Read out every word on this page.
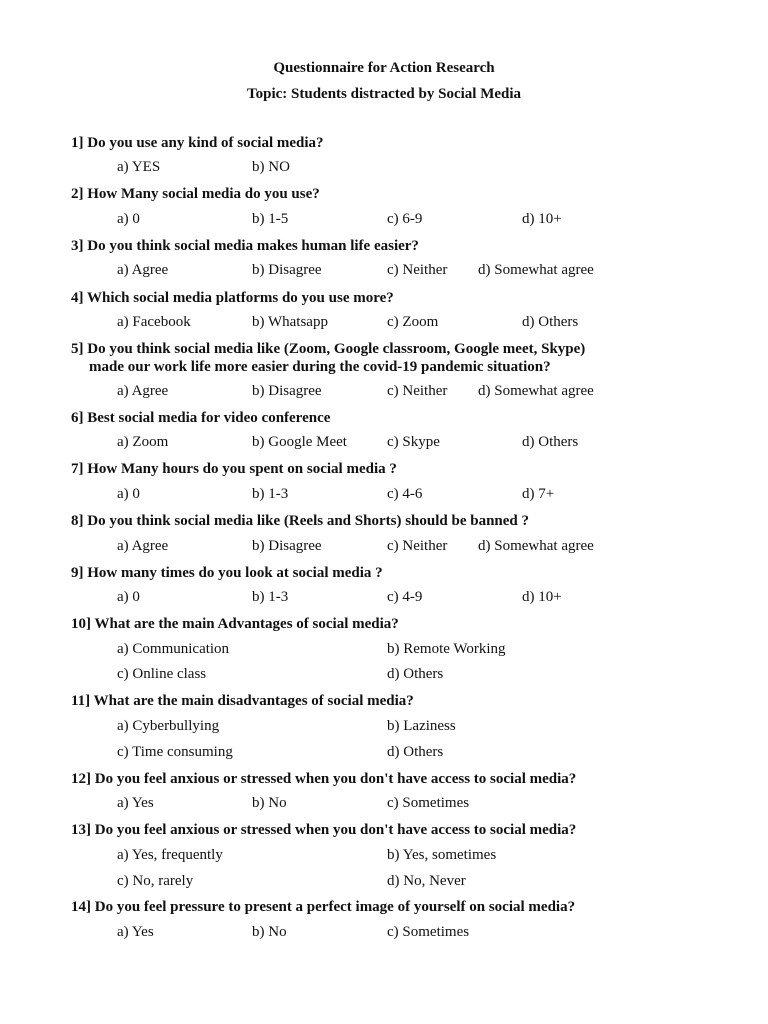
Questionnaire for Action Research
Topic: Students distracted by Social Media
1] Do you use any kind of social media?
a) YES	b) NO
2] How Many social media do you use?
a) 0	b) 1-5	c) 6-9	d) 10+
3] Do you think social media makes human life easier?
a) Agree	b) Disagree	c) Neither d) Somewhat agree
4] Which social media platforms do you use more?
a) Facebook	b) Whatsapp	c) Zoom	d) Others
5] Do you think social media like (Zoom, Google classroom, Google meet, Skype)
made our work life more easier during the covid-19 pandemic situation?
a) Agree	b) Disagree	c) Neither d) Somewhat agree
6] Best social media for video conference
a) Zoom	b) Google Meet	c) Skype	d) Others
7] How Many hours do you spent on social media ?
a) 0	b) 1-3	c) 4-6	d) 7+
8] Do you think social media like (Reels and Shorts) should be banned ?
a) Agree	b) Disagree	c) Neither d) Somewhat agree
9] How many times do you look at social media ?
a) 0	b) 1-3	c) 4-9	d) 10+
10] What are the main Advantages of social media?
a) Communication	b) Remote Working
c) Online class	d) Others
11] What are the main disadvantages of social media?
a) Cyberbullying	b) Laziness
c) Time consuming	d) Others
12] Do you feel anxious or stressed when you don't have access to social media?
a) Yes	b) No	c) Sometimes
13] Do you feel anxious or stressed when you don't have access to social media?
a) Yes, frequently	b) Yes, sometimes
c) No, rarely	d) No, Never
14] Do you feel pressure to present a perfect image of yourself on social media?
a) Yes	b) No	c) Sometimes
